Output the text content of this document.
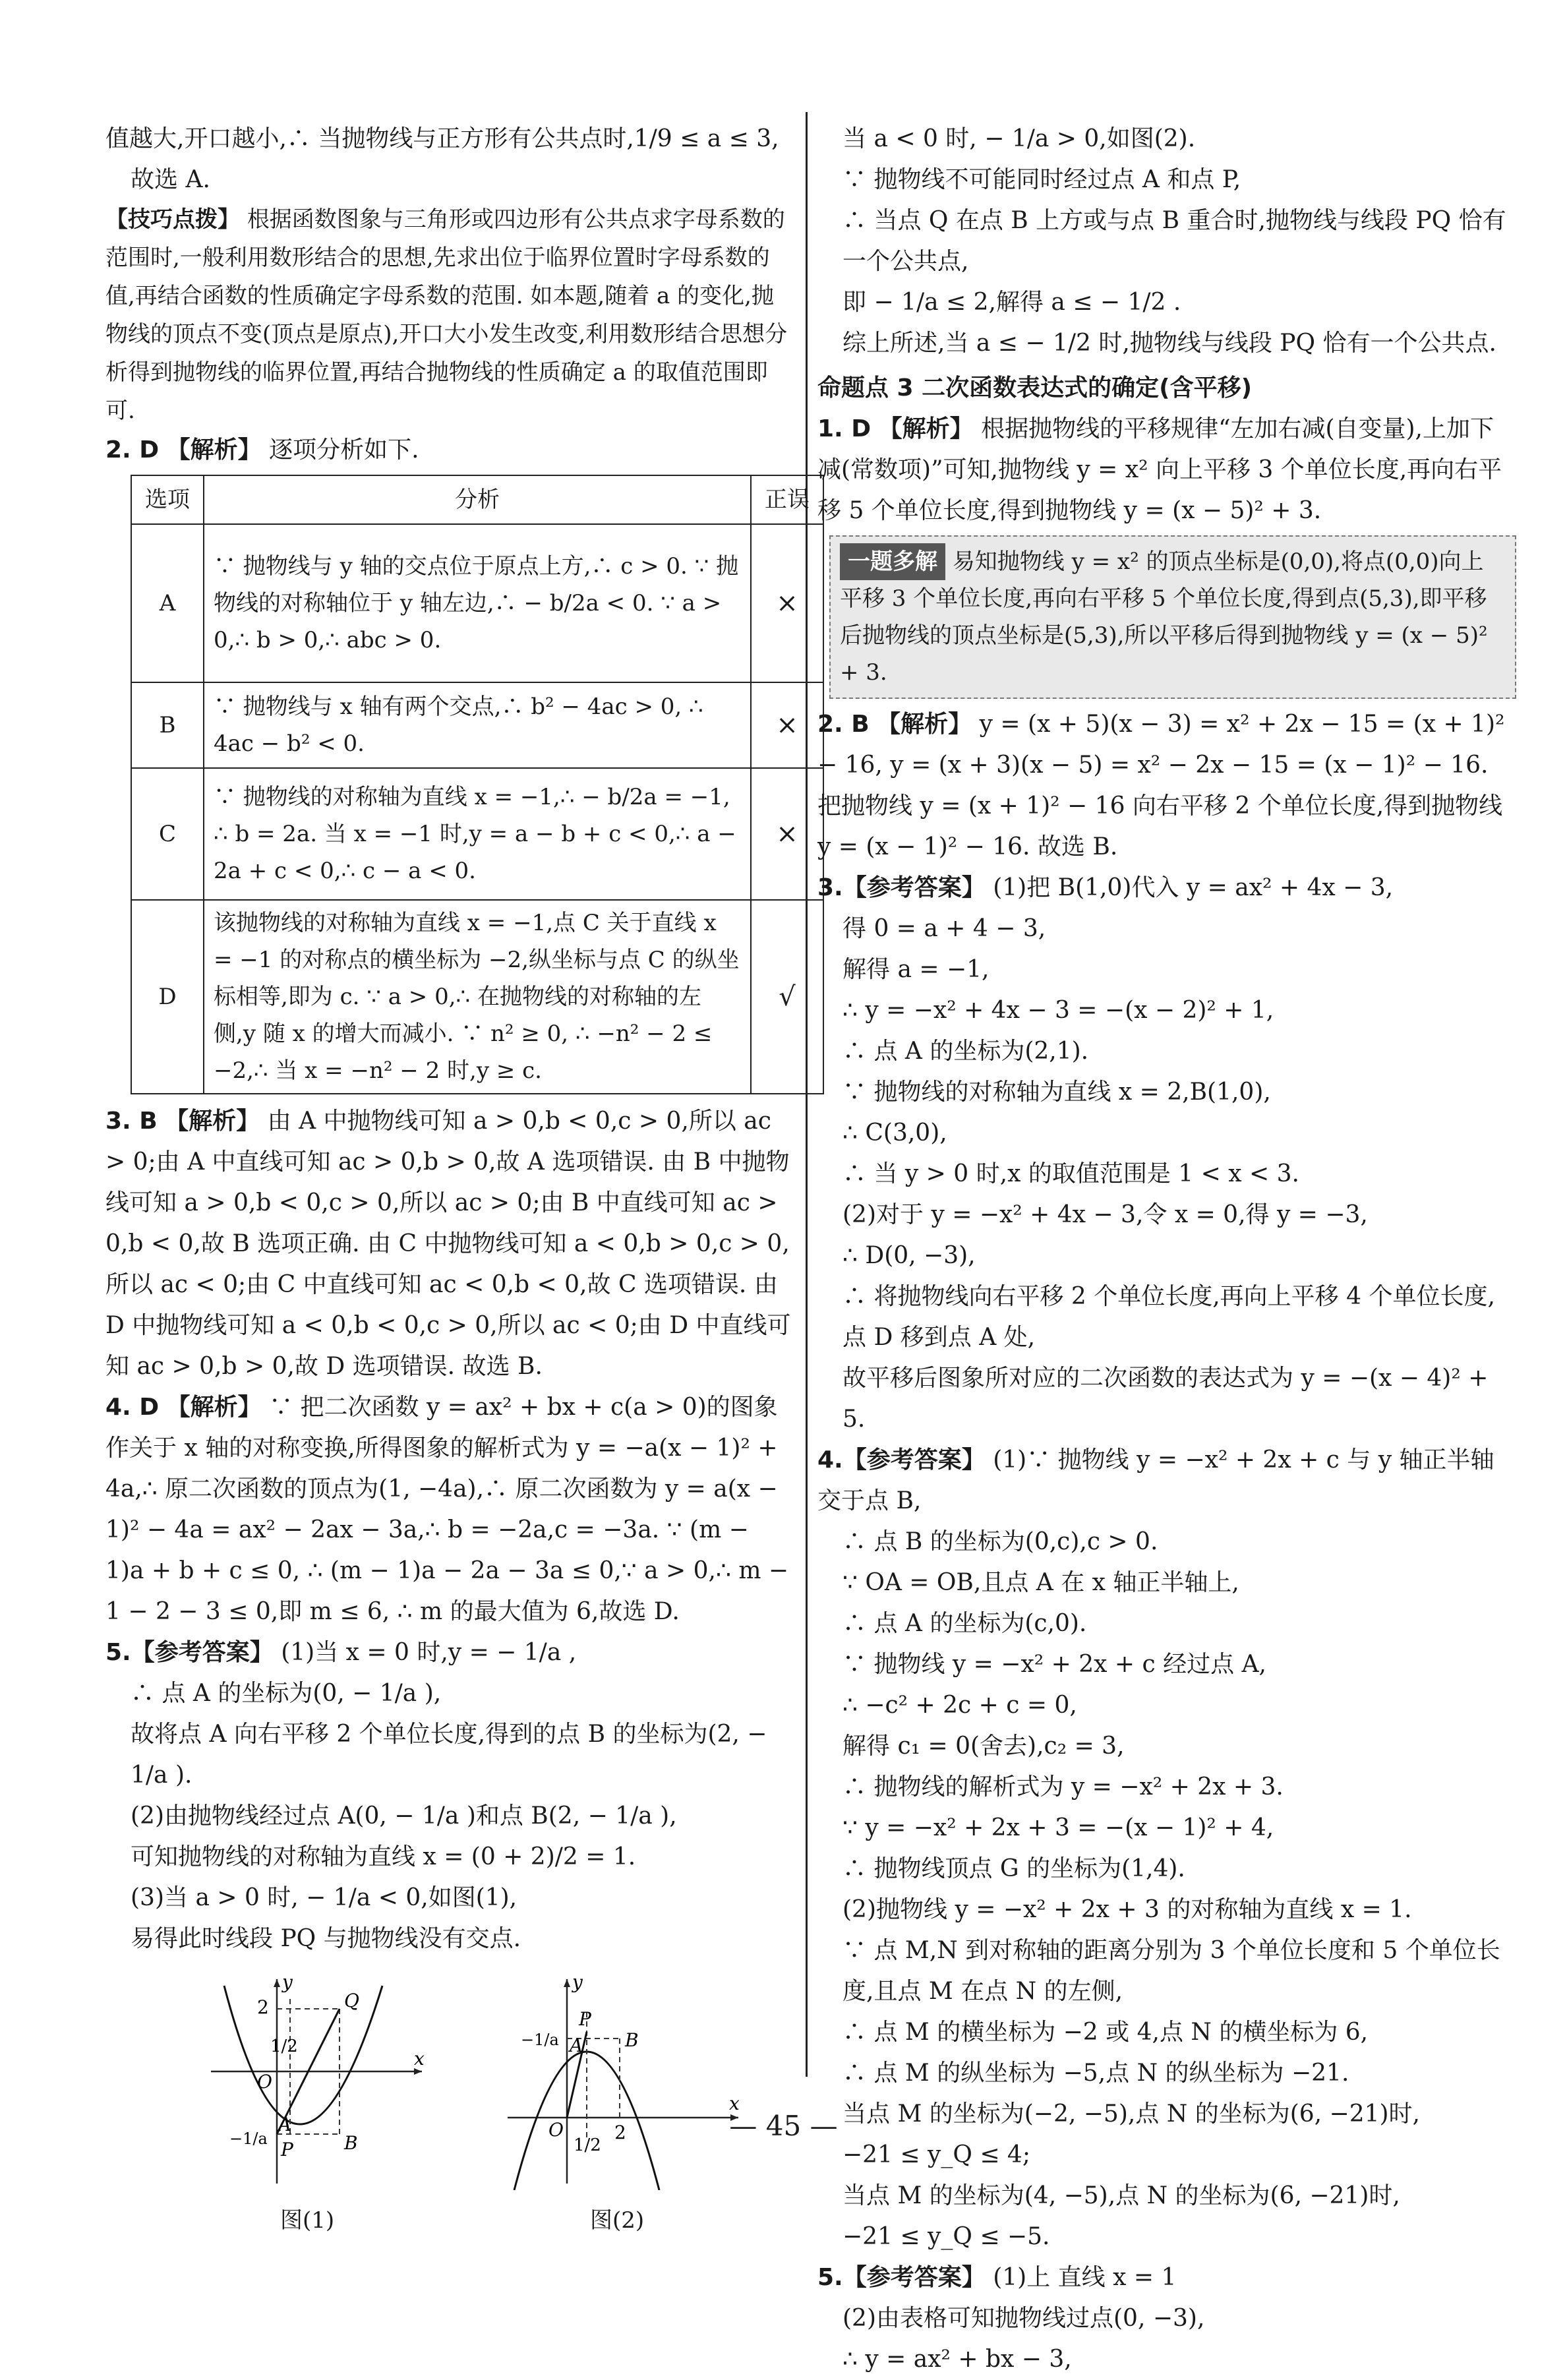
值越大,开口越小,∴ 当抛物线与正方形有公共点时,1/9 ≤ a ≤ 3,

故选 A.

【技巧点拨】 根据函数图象与三角形或四边形有公共点求字母系数的范围时,一般利用数形结合的思想,先求出位于临界位置时字母系数的值,再结合函数的性质确定字母系数的范围. 如本题,随着 a 的变化,抛物线的顶点不变(顶点是原点),开口大小发生改变,利用数形结合思想分析得到抛物线的临界位置,再结合抛物线的性质确定 a 的取值范围即可.

2. D 【解析】 逐项分析如下.

选项	分析	正误
A	∵ 抛物线与 y 轴的交点位于原点上方,∴ c > 0. ∵ 抛物线的对称轴位于 y 轴左边,∴ − b/2a < 0. ∵ a > 0,∴ b > 0,∴ abc > 0.	×
B	∵ 抛物线与 x 轴有两个交点,∴ b² − 4ac > 0, ∴ 4ac − b² < 0.	×
C	∵ 抛物线的对称轴为直线 x = −1,∴ − b/2a = −1, ∴ b = 2a. 当 x = −1 时,y = a − b + c < 0,∴ a − 2a + c < 0,∴ c − a < 0.	×
D	该抛物线的对称轴为直线 x = −1,点 C 关于直线 x = −1 的对称点的横坐标为 −2,纵坐标与点 C 的纵坐标相等,即为 c. ∵ a > 0,∴ 在抛物线的对称轴的左侧,y 随 x 的增大而减小. ∵ n² ≥ 0, ∴ −n² − 2 ≤ −2,∴ 当 x = −n² − 2 时,y ≥ c.	√

3. B 【解析】 由 A 中抛物线可知 a > 0,b < 0,c > 0,所以 ac > 0;由 A 中直线可知 ac > 0,b > 0,故 A 选项错误. 由 B 中抛物线可知 a > 0,b < 0,c > 0,所以 ac > 0;由 B 中直线可知 ac > 0,b < 0,故 B 选项正确. 由 C 中抛物线可知 a < 0,b > 0,c > 0,所以 ac < 0;由 C 中直线可知 ac < 0,b < 0,故 C 选项错误. 由 D 中抛物线可知 a < 0,b < 0,c > 0,所以 ac < 0;由 D 中直线可知 ac > 0,b > 0,故 D 选项错误. 故选 B.

4. D 【解析】 ∵ 把二次函数 y = ax² + bx + c(a > 0)的图象作关于 x 轴的对称变换,所得图象的解析式为 y = −a(x − 1)² + 4a,∴ 原二次函数的顶点为(1, −4a),∴ 原二次函数为 y = a(x − 1)² − 4a = ax² − 2ax − 3a,∴ b = −2a,c = −3a. ∵ (m − 1)a + b + c ≤ 0, ∴ (m − 1)a − 2a − 3a ≤ 0,∵ a > 0,∴ m − 1 − 2 − 3 ≤ 0,即 m ≤ 6, ∴ m 的最大值为 6,故选 D.

5.【参考答案】 (1)当 x = 0 时,y = − 1/a ,

∴ 点 A 的坐标为(0, − 1/a ),

故将点 A 向右平移 2 个单位长度,得到的点 B 的坐标为(2, − 1/a ).

(2)由抛物线经过点 A(0, − 1/a )和点 B(2, − 1/a ),

可知抛物线的对称轴为直线 x = (0 + 2)/2 = 1.

(3)当 a > 0 时, − 1/a < 0,如图(1),

易得此时线段 PQ 与抛物线没有交点.

y
x
Q
2
1/2
O
A
P	B
−1/a
图(1)
y
x
P
A B
1/2
O	2
−1/a
图(2)

当 a < 0 时, − 1/a > 0,如图(2).

∵ 抛物线不可能同时经过点 A 和点 P,

∴ 当点 Q 在点 B 上方或与点 B 重合时,抛物线与线段 PQ 恰有一个公共点,

即 − 1/a ≤ 2,解得 a ≤ − 1/2 .

综上所述,当 a ≤ − 1/2 时,抛物线与线段 PQ 恰有一个公共点.

命题点 3 二次函数表达式的确定(含平移)

1. D 【解析】 根据抛物线的平移规律“左加右减(自变量),上加下减(常数项)”可知,抛物线 y = x² 向上平移 3 个单位长度,再向右平移 5 个单位长度,得到抛物线 y = (x − 5)² + 3.

一题多解 易知抛物线 y = x² 的顶点坐标是(0,0),将点(0,0)向上平移 3 个单位长度,再向右平移 5 个单位长度,得到点(5,3),即平移后抛物线的顶点坐标是(5,3),所以平移后得到抛物线 y = (x − 5)² + 3.

2. B 【解析】 y = (x + 5)(x − 3) = x² + 2x − 15 = (x + 1)² − 16, y = (x + 3)(x − 5) = x² − 2x − 15 = (x − 1)² − 16. 把抛物线 y = (x + 1)² − 16 向右平移 2 个单位长度,得到抛物线 y = (x − 1)² − 16. 故选 B.

3.【参考答案】 (1)把 B(1,0)代入 y = ax² + 4x − 3,

得 0 = a + 4 − 3,

解得 a = −1,

∴ y = −x² + 4x − 3 = −(x − 2)² + 1,

∴ 点 A 的坐标为(2,1).

∵ 抛物线的对称轴为直线 x = 2,B(1,0),

∴ C(3,0),

∴ 当 y > 0 时,x 的取值范围是 1 < x < 3.

(2)对于 y = −x² + 4x − 3,令 x = 0,得 y = −3,

∴ D(0, −3),

∴ 将抛物线向右平移 2 个单位长度,再向上平移 4 个单位长度,点 D 移到点 A 处,

故平移后图象所对应的二次函数的表达式为 y = −(x − 4)² + 5.

4.【参考答案】 (1)∵ 抛物线 y = −x² + 2x + c 与 y 轴正半轴交于点 B,

∴ 点 B 的坐标为(0,c),c > 0.

∵ OA = OB,且点 A 在 x 轴正半轴上,

∴ 点 A 的坐标为(c,0).

∵ 抛物线 y = −x² + 2x + c 经过点 A,

∴ −c² + 2c + c = 0,

解得 c₁ = 0(舍去),c₂ = 3,

∴ 抛物线的解析式为 y = −x² + 2x + 3.

∵ y = −x² + 2x + 3 = −(x − 1)² + 4,

∴ 抛物线顶点 G 的坐标为(1,4).

(2)抛物线 y = −x² + 2x + 3 的对称轴为直线 x = 1.

∵ 点 M,N 到对称轴的距离分别为 3 个单位长度和 5 个单位长度,且点 M 在点 N 的左侧,

∴ 点 M 的横坐标为 −2 或 4,点 N 的横坐标为 6,

∴ 点 M 的纵坐标为 −5,点 N 的纵坐标为 −21.

当点 M 的坐标为(−2, −5),点 N 的坐标为(6, −21)时,

−21 ≤ y_Q ≤ 4;

当点 M 的坐标为(4, −5),点 N 的坐标为(6, −21)时,

−21 ≤ y_Q ≤ −5.

5.【参考答案】 (1)上 直线 x = 1

(2)由表格可知抛物线过点(0, −3),

∴ y = ax² + bx − 3,

— 45 —
